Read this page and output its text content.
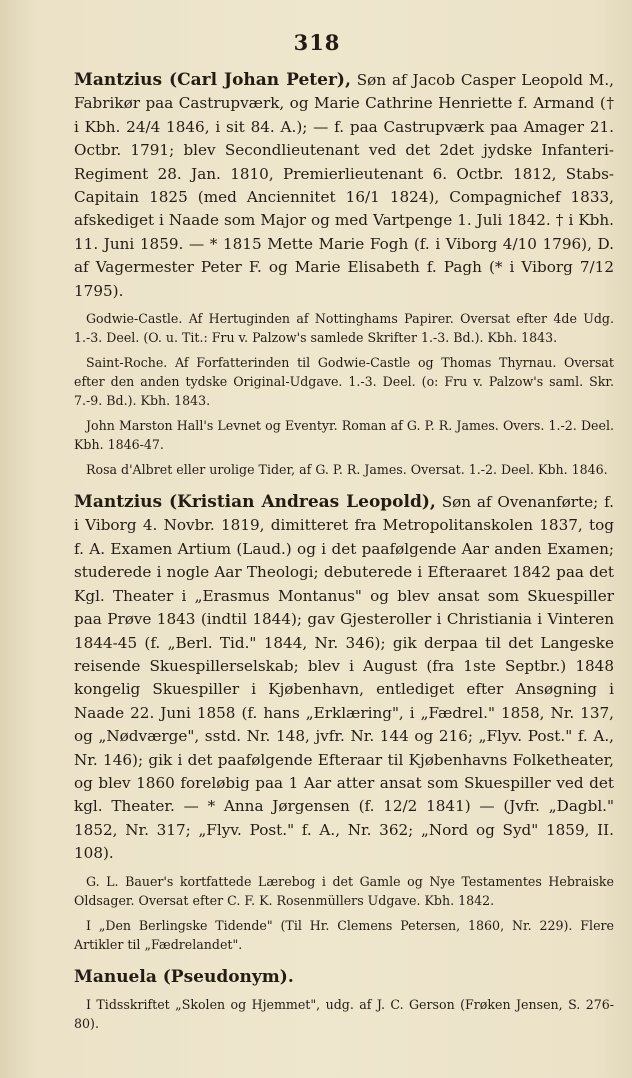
318

Mantzius (Carl Johan Peter), Søn af Jacob Casper Leopold M., Fabrikør paa Castrupværk, og Marie Cathrine Henriette f. Armand († i Kbh. 24/4 1846, i sit 84. A.); — f. paa Castrupværk paa Amager 21. Octbr. 1791; blev Secondlieutenant ved det 2det jydske Infanteri-Regiment 28. Jan. 1810, Premierlieutenant 6. Octbr. 1812, Stabs-Capitain 1825 (med Anciennitet 16/1 1824), Compagnichef 1833, afskediget i Naade som Major og med Vartpenge 1. Juli 1842. † i Kbh. 11. Juni 1859. — * 1815 Mette Marie Fogh (f. i Viborg 4/10 1796), D. af Vagermester Peter F. og Marie Elisabeth f. Pagh (* i Viborg 7/12 1795).

Godwie-Castle. Af Hertuginden af Nottinghams Papirer. Oversat efter 4de Udg. 1.-3. Deel. (O. u. Tit.: Fru v. Palzow's samlede Skrifter 1.-3. Bd.). Kbh. 1843.

Saint-Roche. Af Forfatterinden til Godwie-Castle og Thomas Thyrnau. Oversat efter den anden tydske Original-Udgave. 1.-3. Deel. (o: Fru v. Palzow's saml. Skr. 7.-9. Bd.). Kbh. 1843.

John Marston Hall's Levnet og Eventyr. Roman af G. P. R. James. Overs. 1.-2. Deel. Kbh. 1846-47.

Rosa d'Albret eller urolige Tider, af G. P. R. James. Oversat. 1.-2. Deel. Kbh. 1846.

Mantzius (Kristian Andreas Leopold), Søn af Ovenanførte; f. i Viborg 4. Novbr. 1819, dimitteret fra Metropolitanskolen 1837, tog f. A. Examen Artium (Laud.) og i det paafølgende Aar anden Examen; studerede i nogle Aar Theologi; debuterede i Efteraaret 1842 paa det Kgl. Theater i „Erasmus Montanus" og blev ansat som Skuespiller paa Prøve 1843 (indtil 1844); gav Gjesteroller i Christiania i Vinteren 1844-45 (f. „Berl. Tid." 1844, Nr. 346); gik derpaa til det Langeske reisende Skuespillerselskab; blev i August (fra 1ste Septbr.) 1848 kongelig Skuespiller i Kjøbenhavn, entlediget efter Ansøgning i Naade 22. Juni 1858 (f. hans „Erklæring", i „Fædrel." 1858, Nr. 137, og „Nødværge", sstd. Nr. 148, jvfr. Nr. 144 og 216; „Flyv. Post." f. A., Nr. 146); gik i det paafølgende Efteraar til Kjøbenhavns Folketheater, og blev 1860 foreløbig paa 1 Aar atter ansat som Skuespiller ved det kgl. Theater. — * Anna Jørgensen (f. 12/2 1841) — (Jvfr. „Dagbl." 1852, Nr. 317; „Flyv. Post." f. A., Nr. 362; „Nord og Syd" 1859, II. 108).

G. L. Bauer's kortfattede Lærebog i det Gamle og Nye Testamentes Hebraiske Oldsager. Oversat efter C. F. K. Rosenmüllers Udgave. Kbh. 1842.

I „Den Berlingske Tidende" (Til Hr. Clemens Petersen, 1860, Nr. 229). Flere Artikler til „Fædrelandet".

Manuela (Pseudonym).

I Tidsskriftet „Skolen og Hjemmet", udg. af J. C. Gerson (Frøken Jensen, S. 276-80).
